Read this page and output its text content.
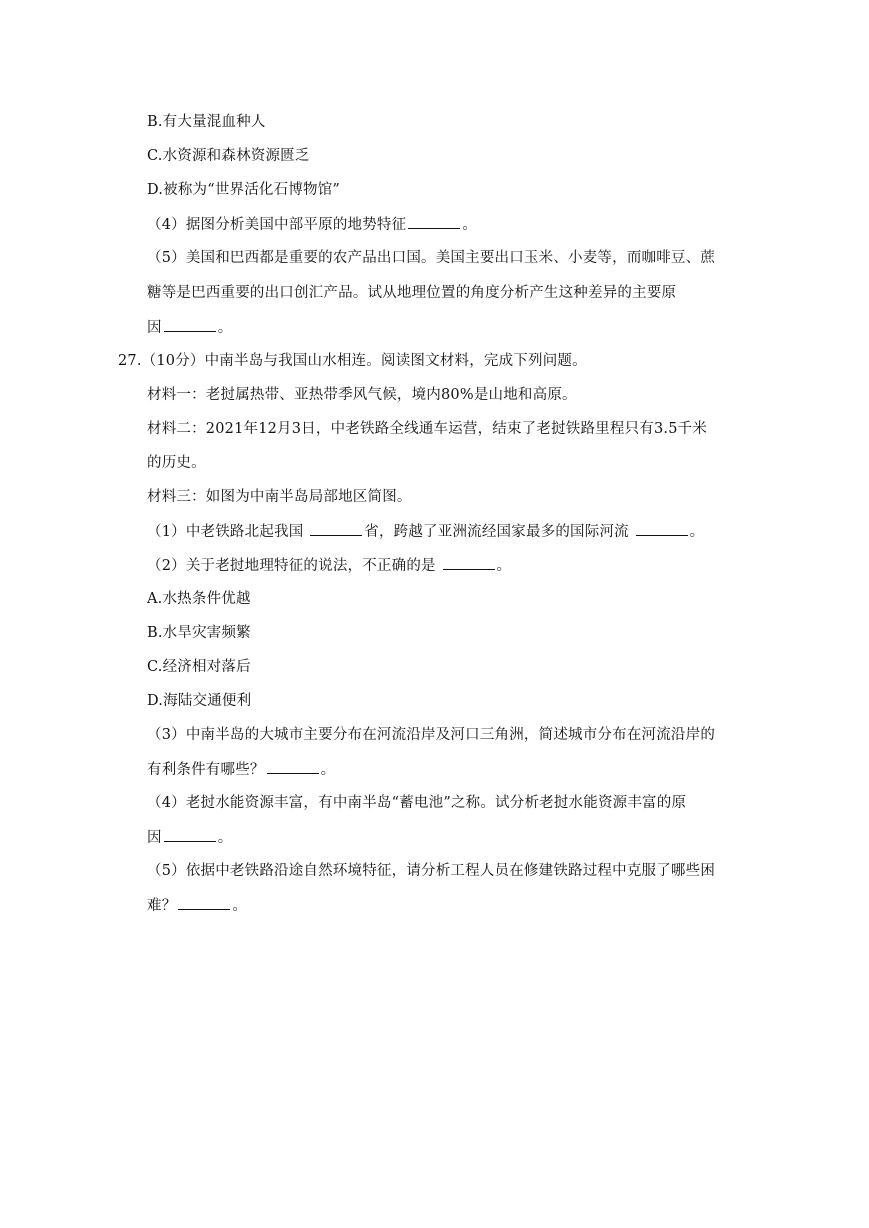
B.有大量混血种人
C.水资源和森林资源匮乏
D.被称为“世界活化石博物馆”
（4）据图分析美国中部平原的地势特征	。
（5）美国和巴西都是重要的农产品出口国。美国主要出口玉米、小麦等，而咖啡豆、蔗
糖等是巴西重要的出口创汇产品。试从地理位置的角度分析产生这种差异的主要原
因	。
27.（10分）中南半岛与我国山水相连。阅读图文材料，完成下列问题。
材料一：老挝属热带、亚热带季风气候，境内80%是山地和高原。
材料二：2021年12月3日，中老铁路全线通车运营，结束了老挝铁路里程只有3.5千米
的历史。
材料三：如图为中南半岛局部地区简图。
（1）中老铁路北起我国	省，跨越了亚洲流经国家最多的国际河流	。
（2）关于老挝地理特征的说法，不正确的是	。
A.水热条件优越
B.水旱灾害频繁
C.经济相对落后
D.海陆交通便利
（3）中南半岛的大城市主要分布在河流沿岸及河口三角洲，简述城市分布在河流沿岸的
有利条件有哪些？	。
（4）老挝水能资源丰富，有中南半岛“蓄电池”之称。试分析老挝水能资源丰富的原
因	。
（5）依据中老铁路沿途自然环境特征，请分析工程人员在修建铁路过程中克服了哪些困
难？	。
